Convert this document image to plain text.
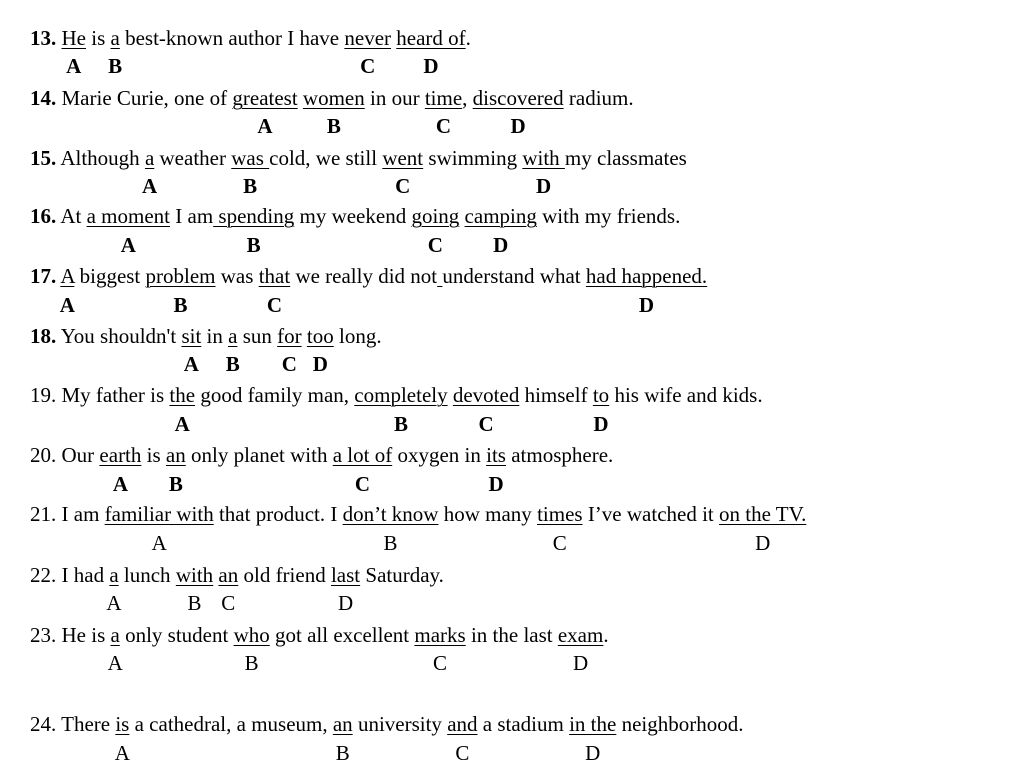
13. He is a best-known author I have never heard of.
A B	C D
14. Marie Curie, one of greatest women in our time, discovered radium.
A	B	C	D
15. Although a weather was cold, we still went swimming with my classmates
A	B	C	D
16. At a moment I am spending my weekend going camping with my friends.
A	B	C D
17. A biggest problem was that we really did not understand what had happened.
A	B	C	D
18. You shouldn't sit in a sun for too long.
A B C D
19. My father is the good family man, completely devoted himself to his wife and kids.
A	B	C	D
20. Our earth is an only planet with a lot of oxygen in its atmosphere.
A B	C	D
21. I am familiar with that product. I don’t know how many times I’ve watched it on the TV.
A	B	C	D
22. I had a lunch with an old friend last Saturday.
A	B C	D
23. He is a only student who got all excellent marks in the last exam.
A	B	C	D
24. There is a cathedral, a museum, an university and a stadium in the neighborhood.
A	B	C	D
